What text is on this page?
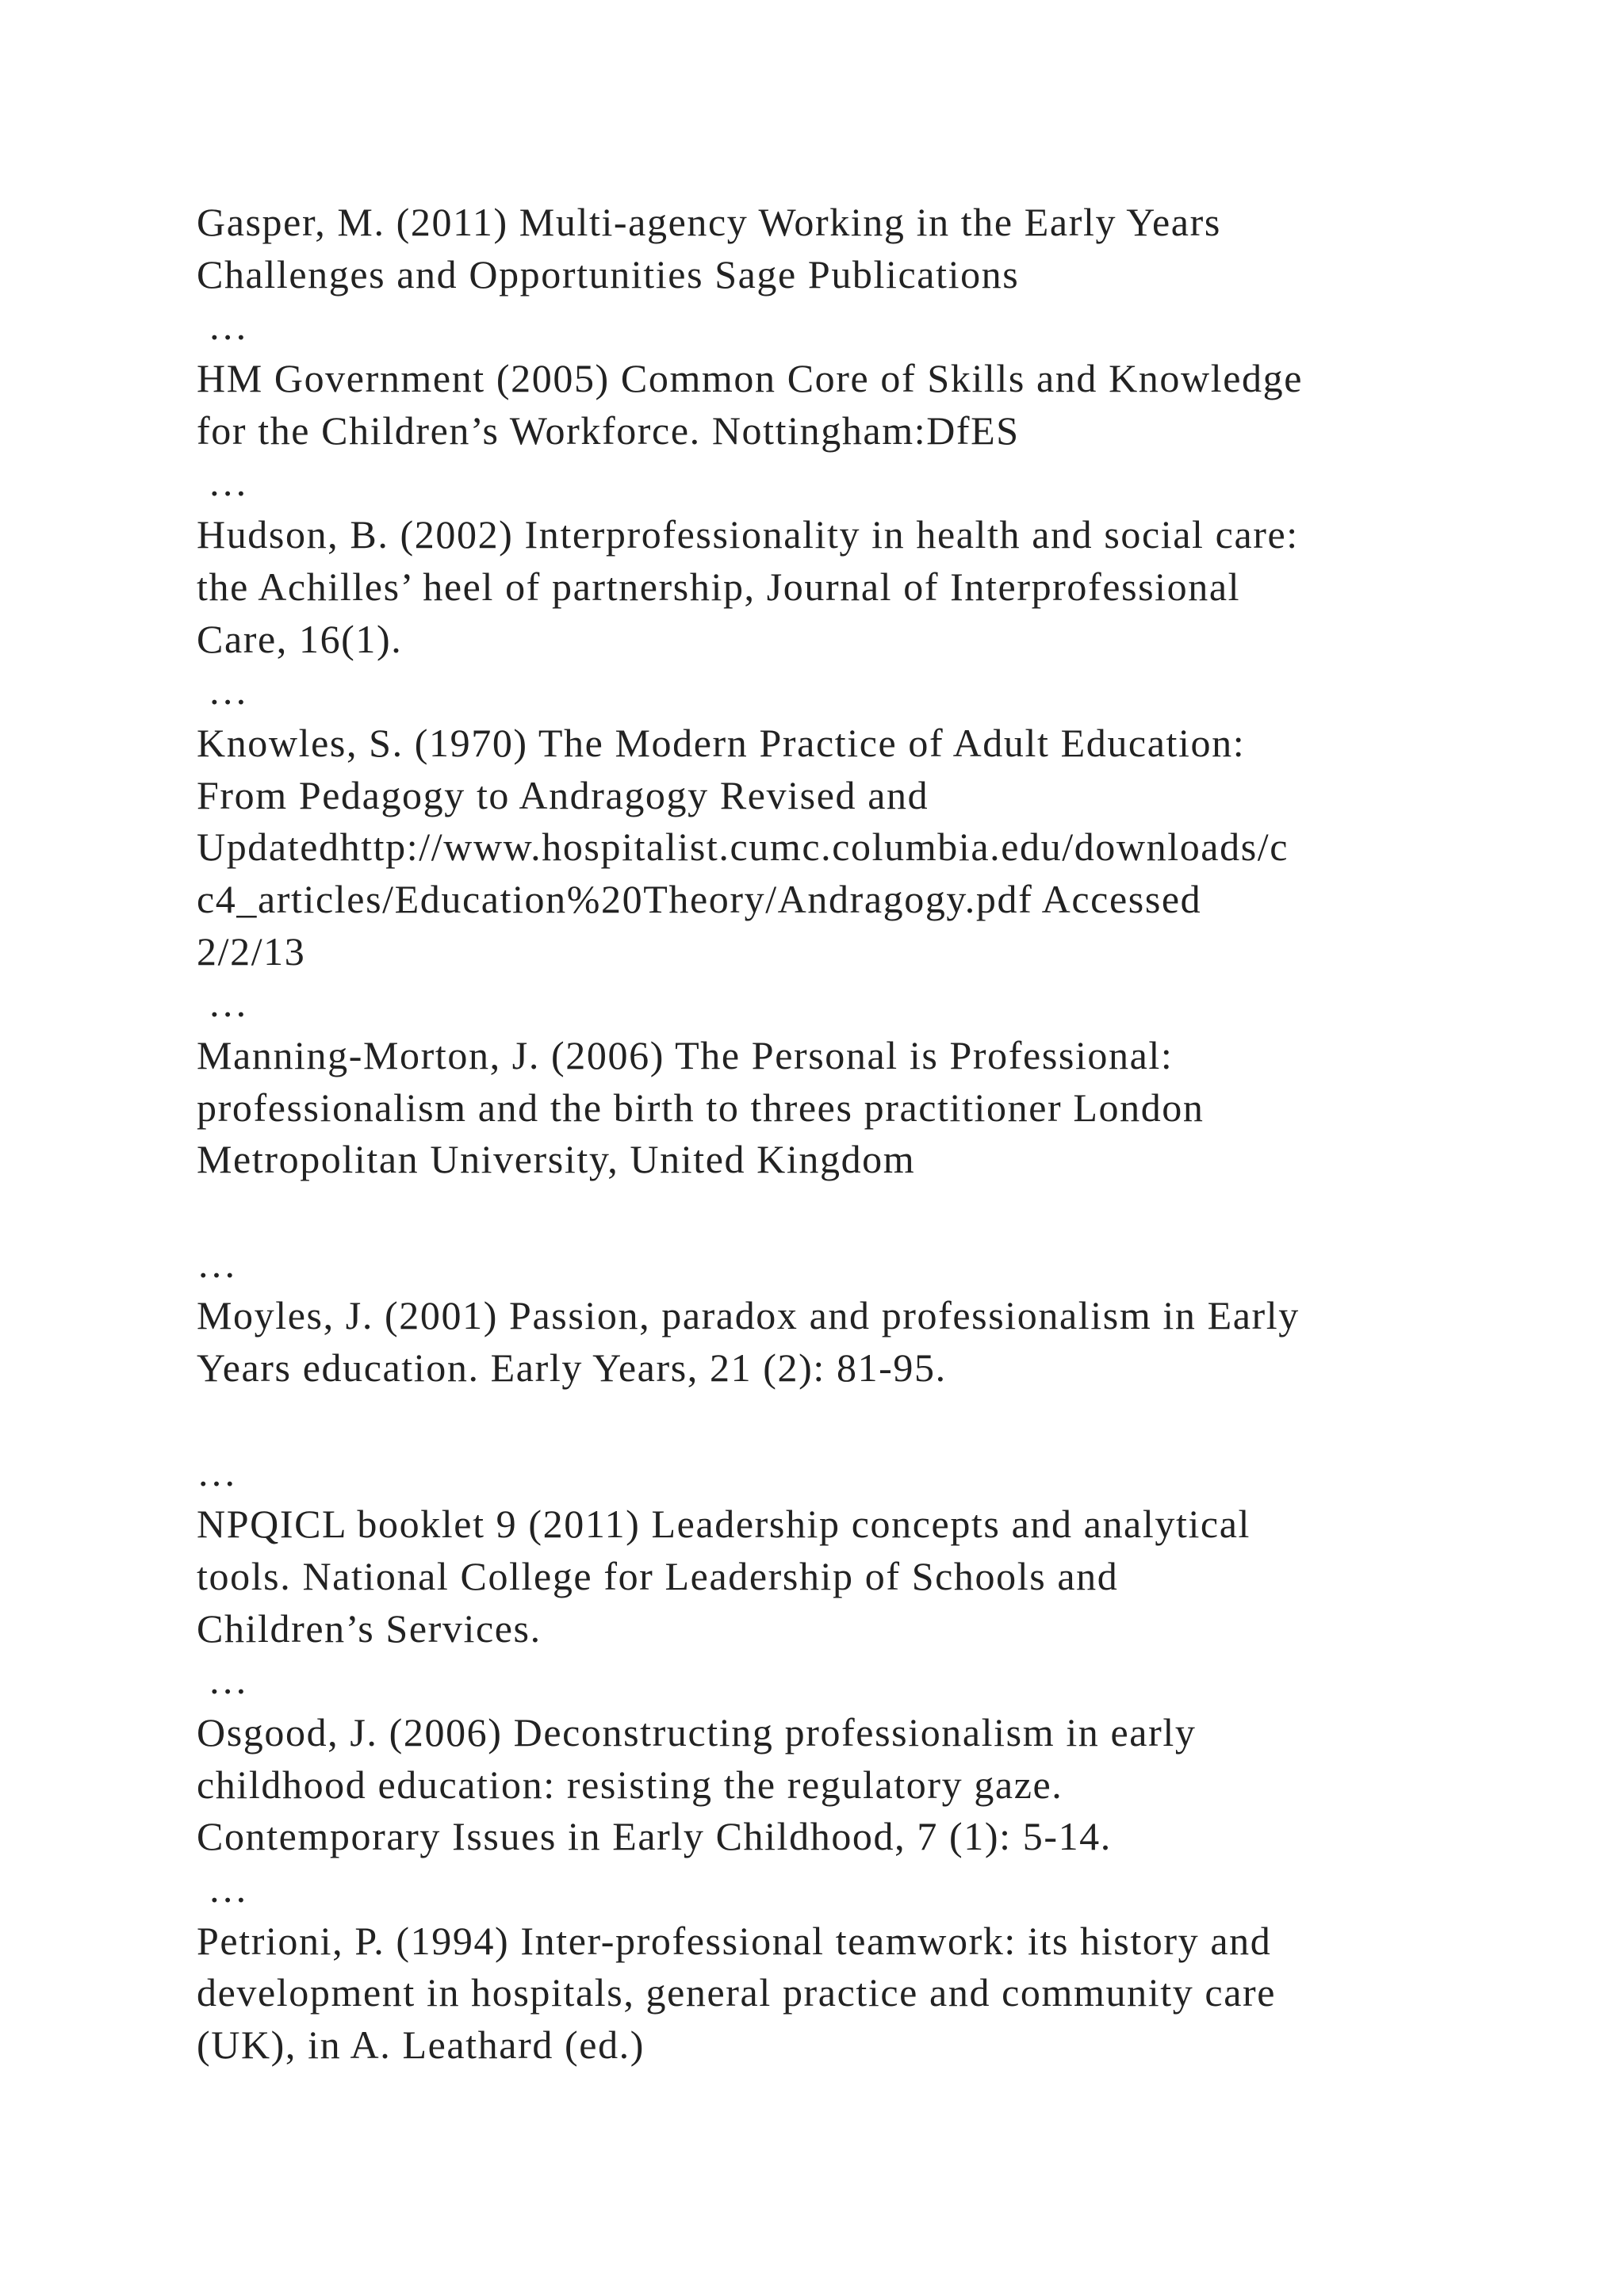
Gasper, M. (2011) Multi-agency Working in the Early Years
Challenges and Opportunities Sage Publications
…
HM Government (2005) Common Core of Skills and Knowledge
for the Children’s Workforce. Nottingham:DfES
…
Hudson, B. (2002) Interprofessionality in health and social care:
the Achilles’ heel of partnership, Journal of Interprofessional
Care, 16(1).
…
Knowles, S. (1970) The Modern Practice of Adult Education:
From Pedagogy to Andragogy Revised and
Updatedhttp://www.hospitalist.cumc.columbia.edu/downloads/c
c4_articles/Education%20Theory/Andragogy.pdf Accessed
2/2/13
…
Manning-Morton, J. (2006) The Personal is Professional:
professionalism and the birth to threes practitioner London
Metropolitan University, United Kingdom
…
Moyles, J. (2001) Passion, paradox and professionalism in Early
Years education. Early Years, 21 (2): 81-95.
…
NPQICL booklet 9 (2011) Leadership concepts and analytical
tools. National College for Leadership of Schools and
Children’s Services.
…
Osgood, J. (2006) Deconstructing professionalism in early
childhood education: resisting the regulatory gaze.
Contemporary Issues in Early Childhood, 7 (1): 5-14.
…
Petrioni, P. (1994) Inter-professional teamwork: its history and
development in hospitals, general practice and community care
(UK), in A. Leathard (ed.)
